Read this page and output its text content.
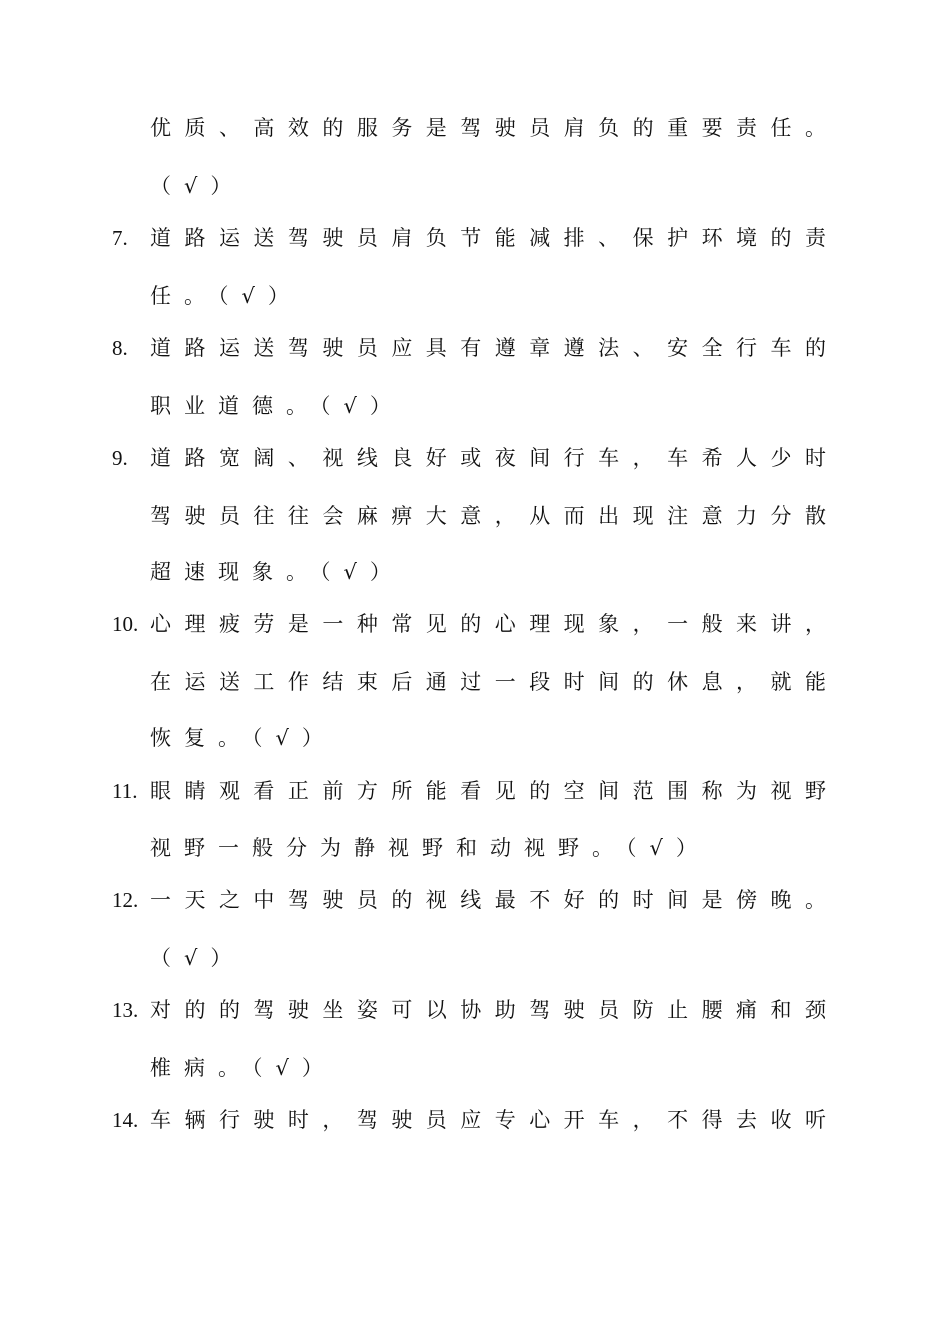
优质、高效的服务是驾驶员肩负的重要责任。
（√）
7.	道路运送驾驶员肩负节能减排、保护环境的责
任。（√）
8.	道路运送驾驶员应具有遵章遵法、安全行车的
职业道德。（√）
9.	道路宽阔、视线良好或夜间行车，车希人少时
驾驶员往往会麻痹大意，从而出现注意力分散
超速现象。（√）
10. 心理疲劳是一种常见的心理现象，一般来讲，
在运送工作结束后通过一段时间的休息，就能
恢复。（√）
11. 眼睛观看正前方所能看见的空间范围称为视野
视野一般分为静视野和动视野。（√）
12. 一天之中驾驶员的视线最不好的时间是傍晚。
（√）
13. 对的的驾驶坐姿可以协助驾驶员防止腰痛和颈
椎病。（√）
14. 车辆行驶时，驾驶员应专心开车，不得去收听
